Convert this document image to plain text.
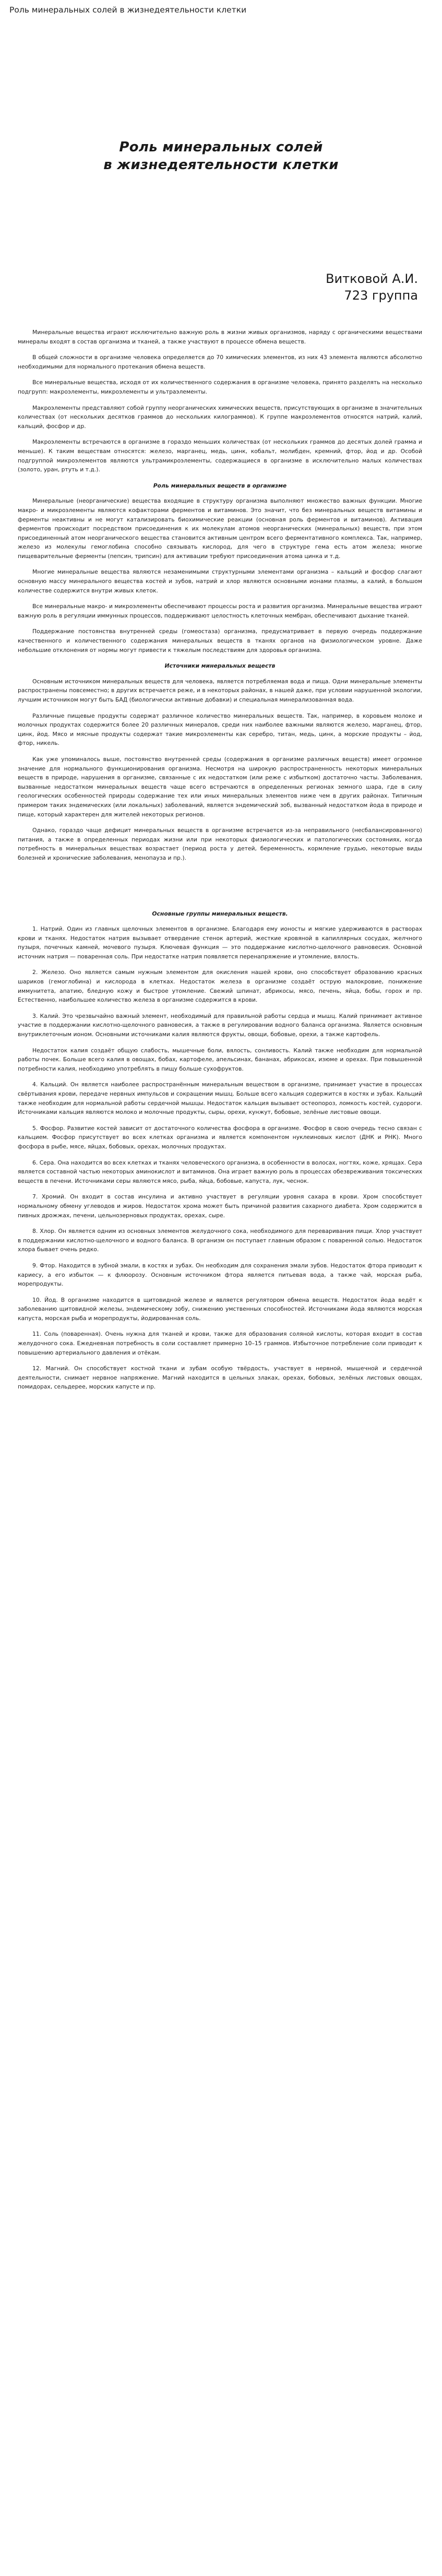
Роль минеральных солей в жизнедеятельности клетки
Роль минеральных солей
в жизнедеятельности клетки
Витковой А.И.
723 группа

Минеральные вещества играют исключительно важную роль в жизни живых организмов, наряду с органическими веществами минералы входят в состав организма и тканей, а также участвуют в процессе обмена веществ.

В общей сложности в организме человека определяется до 70 химических элементов, из них 43 элемента являются абсолютно необходимыми для нормального протекания обмена веществ.

Все минеральные вещества, исходя от их количественного содержания в организме человека, принято разделять на несколько подгрупп: макроэлементы, микроэлементы и ультраэлементы.

Макроэлементы представляют собой группу неорганических химических веществ, присутствующих в организме в значительных количествах (от нескольких десятков граммов до нескольких килограммов). К группе макроэлементов относятся натрий, калий, кальций, фосфор и др.

Макроэлементы встречаются в организме в гораздо меньших количествах (от нескольких граммов до десятых долей грамма и меньше). К таким веществам относятся: железо, марганец, медь, цинк, кобальт, молибден, кремний, фтор, йод и др. Особой подгруппой микроэлементов являются ультрамикроэлементы, содержащиеся в организме в исключительно малых количествах (золото, уран, ртуть и т.д.).

Роль минеральных веществ в организме

Минеральные (неорганические) вещества входящие в структуру организма выполняют множество важных функции. Многие макро- и микроэлементы являются кофакторами ферментов и витаминов. Это значит, что без минеральных веществ витамины и ферменты неактивны и не могут катализировать биохимические реакции (основная роль ферментов и витаминов). Активация ферментов происходит посредством присоединения к их молекулам атомов неорганических (минеральных) веществ, при этом присоединенный атом неорганического вещества становится активным центром всего ферментативного комплекса. Так, например, железо из молекулы гемоглобина способно связывать кислород, для чего в структуре гема есть атом железа; многие пищеварительные ферменты (пепсин, трипсин) для активации требуют присоединения атома цинка и т.д.

Многие минеральные вещества являются незаменимыми структурными элементами организма – кальций и фосфор слагают основную массу минерального вещества костей и зубов, натрий и хлор являются основными ионами плазмы, а калий, в большом количестве содержится внутри живых клеток.

Все минеральные макро- и микроэлементы обеспечивают процессы роста и развития организма. Минеральные вещества играют важную роль в регуляции иммунных процессов, поддерживают целостность клеточных мембран, обеспечивают дыхание тканей.

Поддержание постоянства внутренней среды (гомеостаза) организма, предусматривает в первую очередь поддержание качественного и количественного содержания минеральных веществ в тканях органов на физиологическом уровне. Даже небольшие отклонения от нормы могут привести к тяжелым последствиям для здоровья организма.

Источники минеральных веществ

Основным источником минеральных веществ для человека, является потребляемая вода и пища. Одни минеральные элементы распространены повсеместно; в других встречается реже, и в некоторых районах, в нашей даже, при условии нарушенной экологии, лучшим источником могут быть БАД (биологически активные добавки) и специальная минерализованная вода.

Различные пищевые продукты содержат различное количество минеральных веществ. Так, например, в коровьем молоке и молочных продуктах содержится более 20 различных минералов, среди них наиболее важными являются железо, марганец, фтор, цинк, йод. Мясо и мясные продукты содержат такие микроэлементы как серебро, титан, медь, цинк, а морские продукты – йод, фтор, никель.

Как уже упоминалось выше, постоянство внутренней среды (содержания в организме различных веществ) имеет огромное значение для нормального функционирования организма. Несмотря на широкую распространенность некоторых минеральных веществ в природе, нарушения в организме, связанные с их недостатком (или реже с избытком) достаточно часты. Заболевания, вызванные недостатком минеральных веществ чаще всего встречаются в определенных регионах земного шара, где в силу геологических особенностей природы содержание тех или иных минеральных элементов ниже чем в других районах. Типичным примером таких эндемических (или локальных) заболеваний, является эндемический зоб, вызванный недостатком йода в природе и пище, который характерен для жителей некоторых регионов.

Однако, гораздо чаще дефицит минеральных веществ в организме встречается из-за неправильного (несбалансированного) питания, а также в определенных периодах жизни или при некоторых физиологических и патологических состояниях, когда потребность в минеральных веществах возрастает (период роста у детей, беременность, кормление грудью, некоторые виды болезней и хронические заболевания, менопауза и пр.).

Основные группы минеральных веществ.

1. Натрий. Один из главных щелочных элементов в организме. Благодаря ему ионосты и мягкие удерживаются в растворах крови и тканях. Недостаток натрия вызывает отвердение стенок артерий, жесткие кровяной в капиллярных сосудах, желчного пузыря, почечных камней, мочевого пузыря. Ключевая функция — это поддержание кислотно-щелочного равновесия. Основной источник натрия — поваренная соль. При недостатке натрия появляется перенапряжение и утомление, вялость.

2. Железо. Оно является самым нужным элементом для окисления нашей крови, оно способствует образованию красных шариков (гемоглобина) и кислорода в клетках. Недостаток железа в организме создаёт острую малокровие, понижение иммунитета, апатию, бледную кожу и быстрое утомление. Свежий шпинат, абрикосы, мясо, печень, яйца, бобы, горох и пр. Естественно, наибольшее количество железа в организме содержится в крови.

3. Калий. Это чрезвычайно важный элемент, необходимый для правильной работы сердца и мышц. Калий принимает активное участие в поддержании кислотно-щелочного равновесия, а также в регулировании водного баланса организма. Является основным внутриклеточным ионом. Основными источниками калия являются фрукты, овощи, бобовые, орехи, а также картофель.

Недостаток калия создаёт общую слабость, мышечные боли, вялость, сонливость. Калий также необходим для нормальной работы почек. Больше всего калия в овощах, бобах, картофеле, апельсинах, бананах, абрикосах, изюме и орехах. При повышенной потребности калия, необходимо употреблять в пищу больше сухофруктов.

4. Кальций. Он является наиболее распространённым минеральным веществом в организме, принимает участие в процессах свёртывания крови, передаче нервных импульсов и сокращении мышц. Больше всего кальция содержится в костях и зубах. Кальций также необходим для нормальной работы сердечной мышцы. Недостаток кальция вызывает остеопороз, ломкость костей, судороги. Источниками кальция являются молоко и молочные продукты, сыры, орехи, кунжут, бобовые, зелёные листовые овощи.

5. Фосфор. Развитие костей зависит от достаточного количества фосфора в организме. Фосфор в свою очередь тесно связан с кальцием. Фосфор присутствует во всех клетках организма и является компонентом нуклеиновых кислот (ДНК и РНК). Много фосфора в рыбе, мясе, яйцах, бобовых, орехах, молочных продуктах.

6. Сера. Она находится во всех клетках и тканях человеческого организма, в особенности в волосах, ногтях, коже, хрящах. Сера является составной частью некоторых аминокислот и витаминов. Она играет важную роль в процессах обезвреживания токсических веществ в печени. Источниками серы являются мясо, рыба, яйца, бобовые, капуста, лук, чеснок.

7. Хромий. Он входит в состав инсулина и активно участвует в регуляции уровня сахара в крови. Хром способствует нормальному обмену углеводов и жиров. Недостаток хрома может быть причиной развития сахарного диабета. Хром содержится в пивных дрожжах, печени, цельнозерновых продуктах, орехах, сыре.

8. Хлор. Он является одним из основных элементов желудочного сока, необходимого для переваривания пищи. Хлор участвует в поддержании кислотно-щелочного и водного баланса. В организм он поступает главным образом с поваренной солью. Недостаток хлора бывает очень редко.

9. Фтор. Находится в зубной эмали, в костях и зубах. Он необходим для сохранения эмали зубов. Недостаток фтора приводит к кариесу, а его избыток — к флюорозу. Основным источником фтора является питьевая вода, а также чай, морская рыба, морепродукты.

10. Йод. В организме находится в щитовидной железе и является регулятором обмена веществ. Недостаток йода ведёт к заболеванию щитовидной железы, эндемическому зобу, снижению умственных способностей. Источниками йода являются морская капуста, морская рыба и морепродукты, йодированная соль.

11. Соль (поваренная). Очень нужна для тканей и крови, также для образования соляной кислоты, которая входит в состав желудочного сока. Ежедневная потребность в соли составляет примерно 10–15 граммов. Избыточное потребление соли приводит к повышению артериального давления и отёкам.

12. Магний. Он способствует костной ткани и зубам особую твёрдость, участвует в нервной, мышечной и сердечной деятельности, снимает нервное напряжение. Магний находится в цельных злаках, орехах, бобовых, зелёных листовых овощах, помидорах, сельдерее, морских капусте и пр.
